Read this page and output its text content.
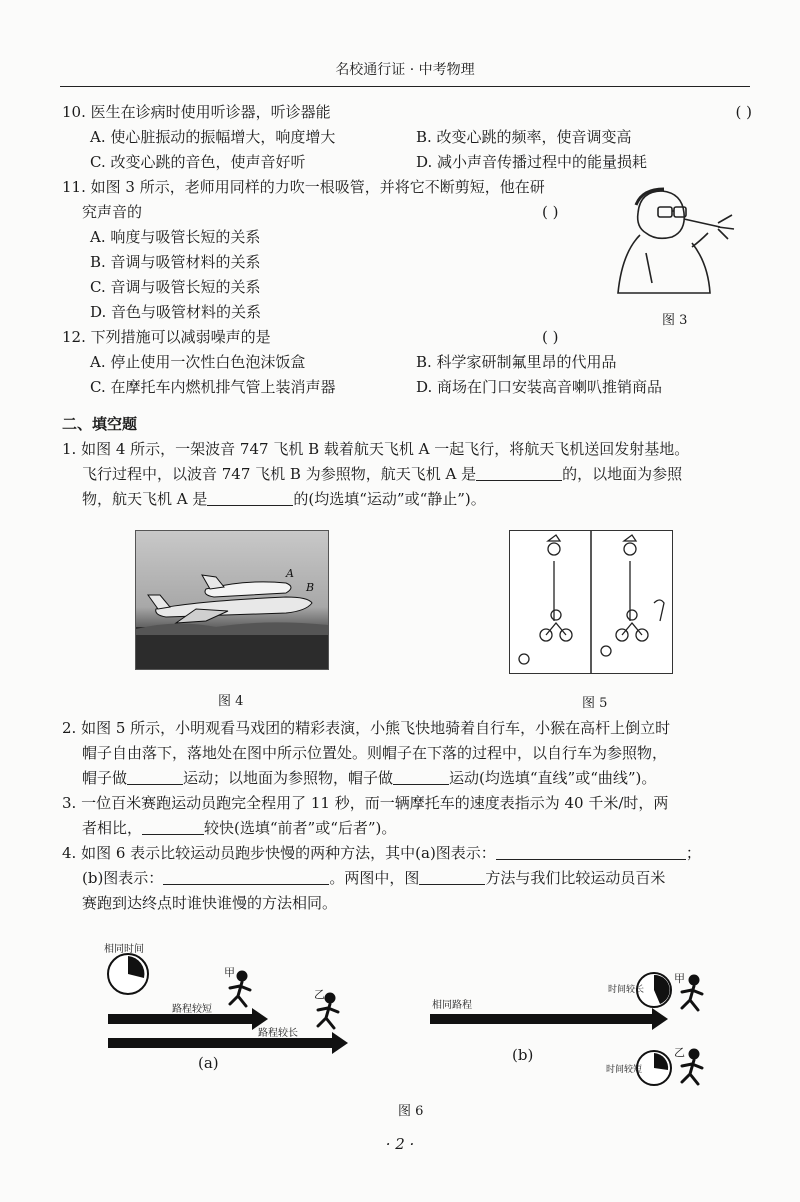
名校通行证 · 中考物理
10. 医生在诊病时使用听诊器，听诊器能	( )
A. 使心脏振动的振幅增大，响度增大	B. 改变心跳的频率，使音调变高
C. 改变心跳的音色，使声音好听	D. 减小声音传播过程中的能量损耗
11. 如图 3 所示，老师用同样的力吹一根吸管，并将它不断剪短，他在研
究声音的	( )
A. 响度与吸管长短的关系
B. 音调与吸管材料的关系
C. 音调与吸管长短的关系
D. 音色与吸管材料的关系
12. 下列措施可以减弱噪声的是	( )
A. 停止使用一次性白色泡沫饭盒	B. 科学家研制氟里昂的代用品
C. 在摩托车内燃机排气管上装消声器	D. 商场在门口安装高音喇叭推销商品
二、填空题
1. 如图 4 所示，一架波音 747 飞机 B 载着航天飞机 A 一起飞行，将航天飞机送回发射基地。
飞行过程中，以波音 747 飞机 B 为参照物，航天飞机 A 是	的，以地面为参照
物，航天飞机 A 是	的(均选填“运动”或“静止”)。
2. 如图 5 所示，小明观看马戏团的精彩表演，小熊飞快地骑着自行车，小猴在高杆上倒立时
帽子自由落下，落地处在图中所示位置处。则帽子在下落的过程中，以自行车为参照物，
帽子做	运动；以地面为参照物，帽子做	运动(均选填“直线”或“曲线”)。
3. 一位百米赛跑运动员跑完全程用了 11 秒，而一辆摩托车的速度表指示为 40 千米/时，两
者相比，	较快(选填“前者”或“后者”)。
4. 如图 6 表示比较运动员跑步快慢的两种方法，其中(a)图表示：	；
(b)图表示：	。两图中，图	方法与我们比较运动员百米
赛跑到达终点时谁快谁慢的方法相同。
图 3
A
B
图 4	图 5
相同时间
甲
乙
路程较短
路程较长
(a)
相同路程
甲
乙
时间较长
时间较短
(b)
图 6
· 2 ·
